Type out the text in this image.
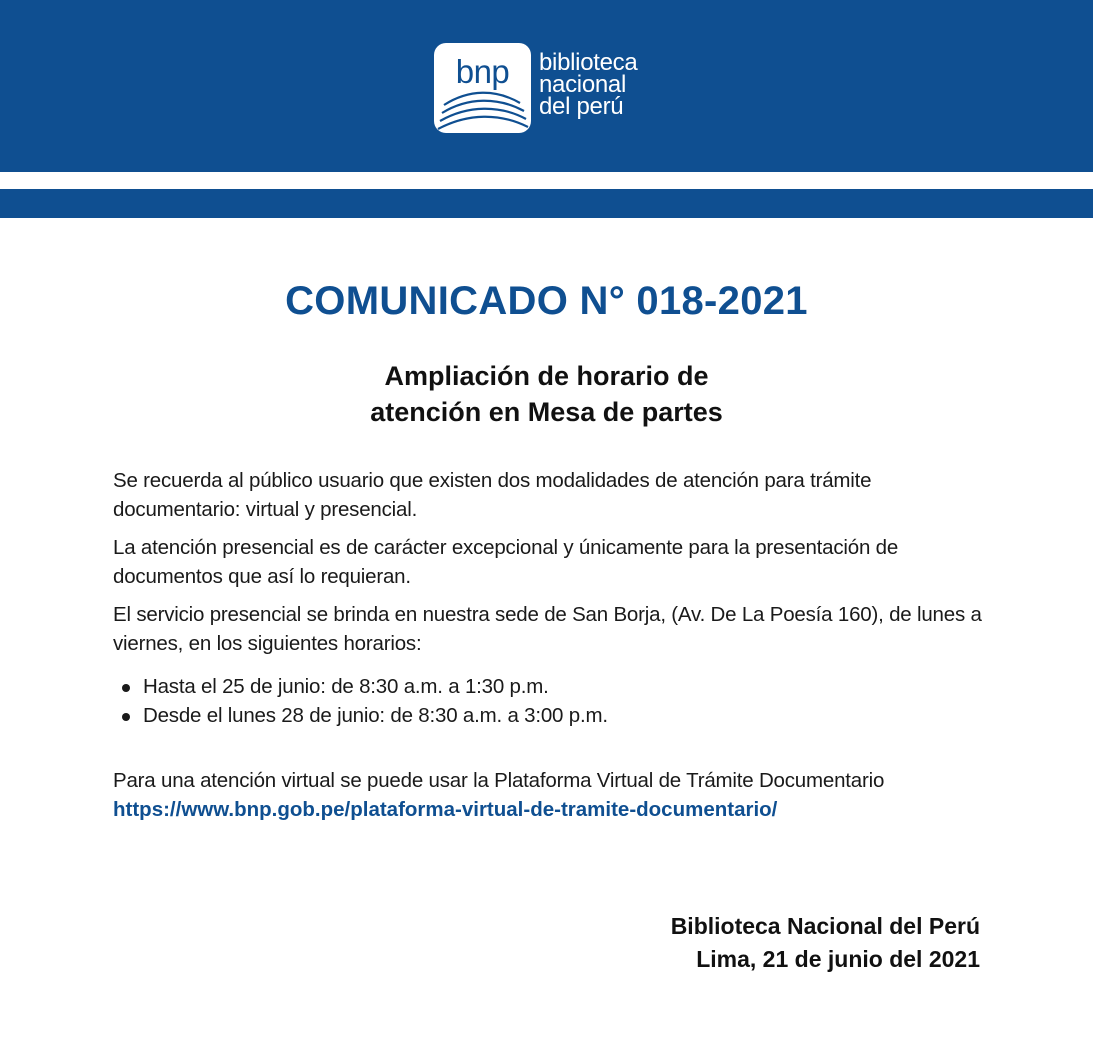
bnp	biblioteca
nacional
del perú
COMUNICADO N° 018-2021
Ampliación de horario de
atención en Mesa de partes

Se recuerda al público usuario que existen dos modalidades de atención para trámite documentario: virtual y presencial.

La atención presencial es de carácter excepcional y únicamente para la presentación de documentos que así lo requieran.

El servicio presencial se brinda en nuestra sede de San Borja, (Av. De La Poesía 160), de lunes a viernes, en los siguientes horarios:

Hasta el 25 de junio: de 8:30 a.m. a 1:30 p.m.
Desde el lunes 28 de junio: de 8:30 a.m. a 3:00 p.m.
Para una atención virtual se puede usar la Plataforma Virtual de Trámite Documentario
https://www.bnp.gob.pe/plataforma-virtual-de-tramite-documentario/
Biblioteca Nacional del Perú
Lima, 21 de junio del 2021
